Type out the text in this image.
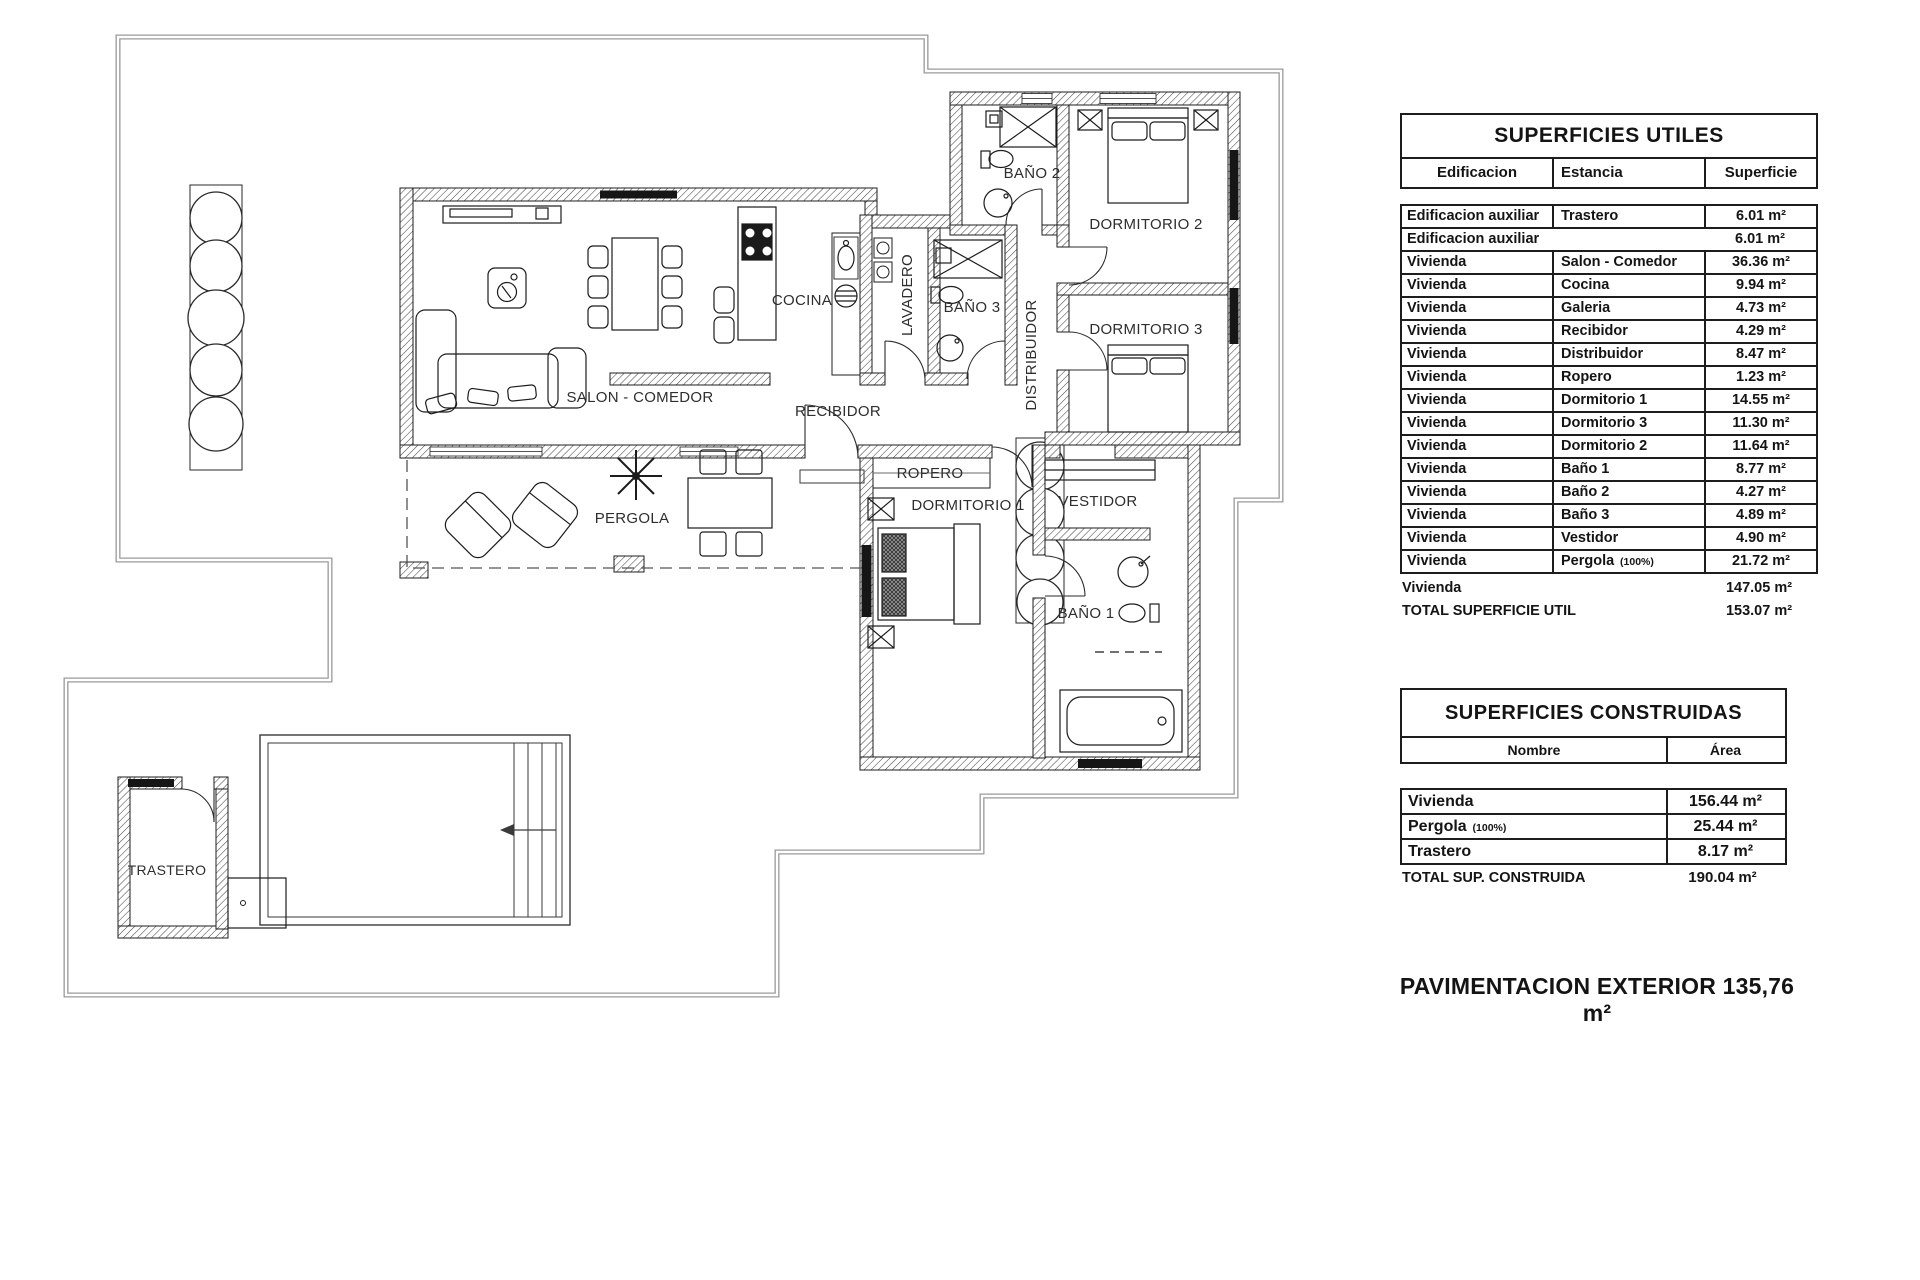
SALON - COMEDOR
COCINA	LAVADERO
BAÑO 2
DORMITORIO 2
BAÑO 3 DISTRIBUIDOR	DORMITORIO 3
RECIBIDOR
ROPERO
DORMITORIO 1 VESTIDOR
BAÑO 1
PERGOLA
TRASTERO
SUPERFICIES UTILES
Edificacion	Estancia	Superficie
Edificacion auxiliar	Trastero	6.01 m²
Edificacion auxiliar	6.01 m²
Vivienda	Salon - Comedor	36.36 m²
Vivienda	Cocina	9.94 m²
Vivienda	Galeria	4.73 m²
Vivienda	Recibidor	4.29 m²
Vivienda	Distribuidor	8.47 m²
Vivienda	Ropero	1.23 m²
Vivienda	Dormitorio 1	14.55 m²
Vivienda	Dormitorio 3	11.30 m²
Vivienda	Dormitorio 2	11.64 m²
Vivienda	Baño 1	8.77 m²
Vivienda	Baño 2	4.27 m²
Vivienda	Baño 3	4.89 m²
Vivienda	Vestidor	4.90 m²
Vivienda	Pergola  (100%)	21.72 m²
Vivienda	147.05 m²
TOTAL SUPERFICIE UTIL	153.07 m²
SUPERFICIES CONSTRUIDAS
Nombre	Área
Vivienda	156.44 m²
Pergola  (100%)	25.44 m²
Trastero	8.17 m²
TOTAL SUP. CONSTRUIDA	190.04 m²
PAVIMENTACION EXTERIOR 135,76 m²
